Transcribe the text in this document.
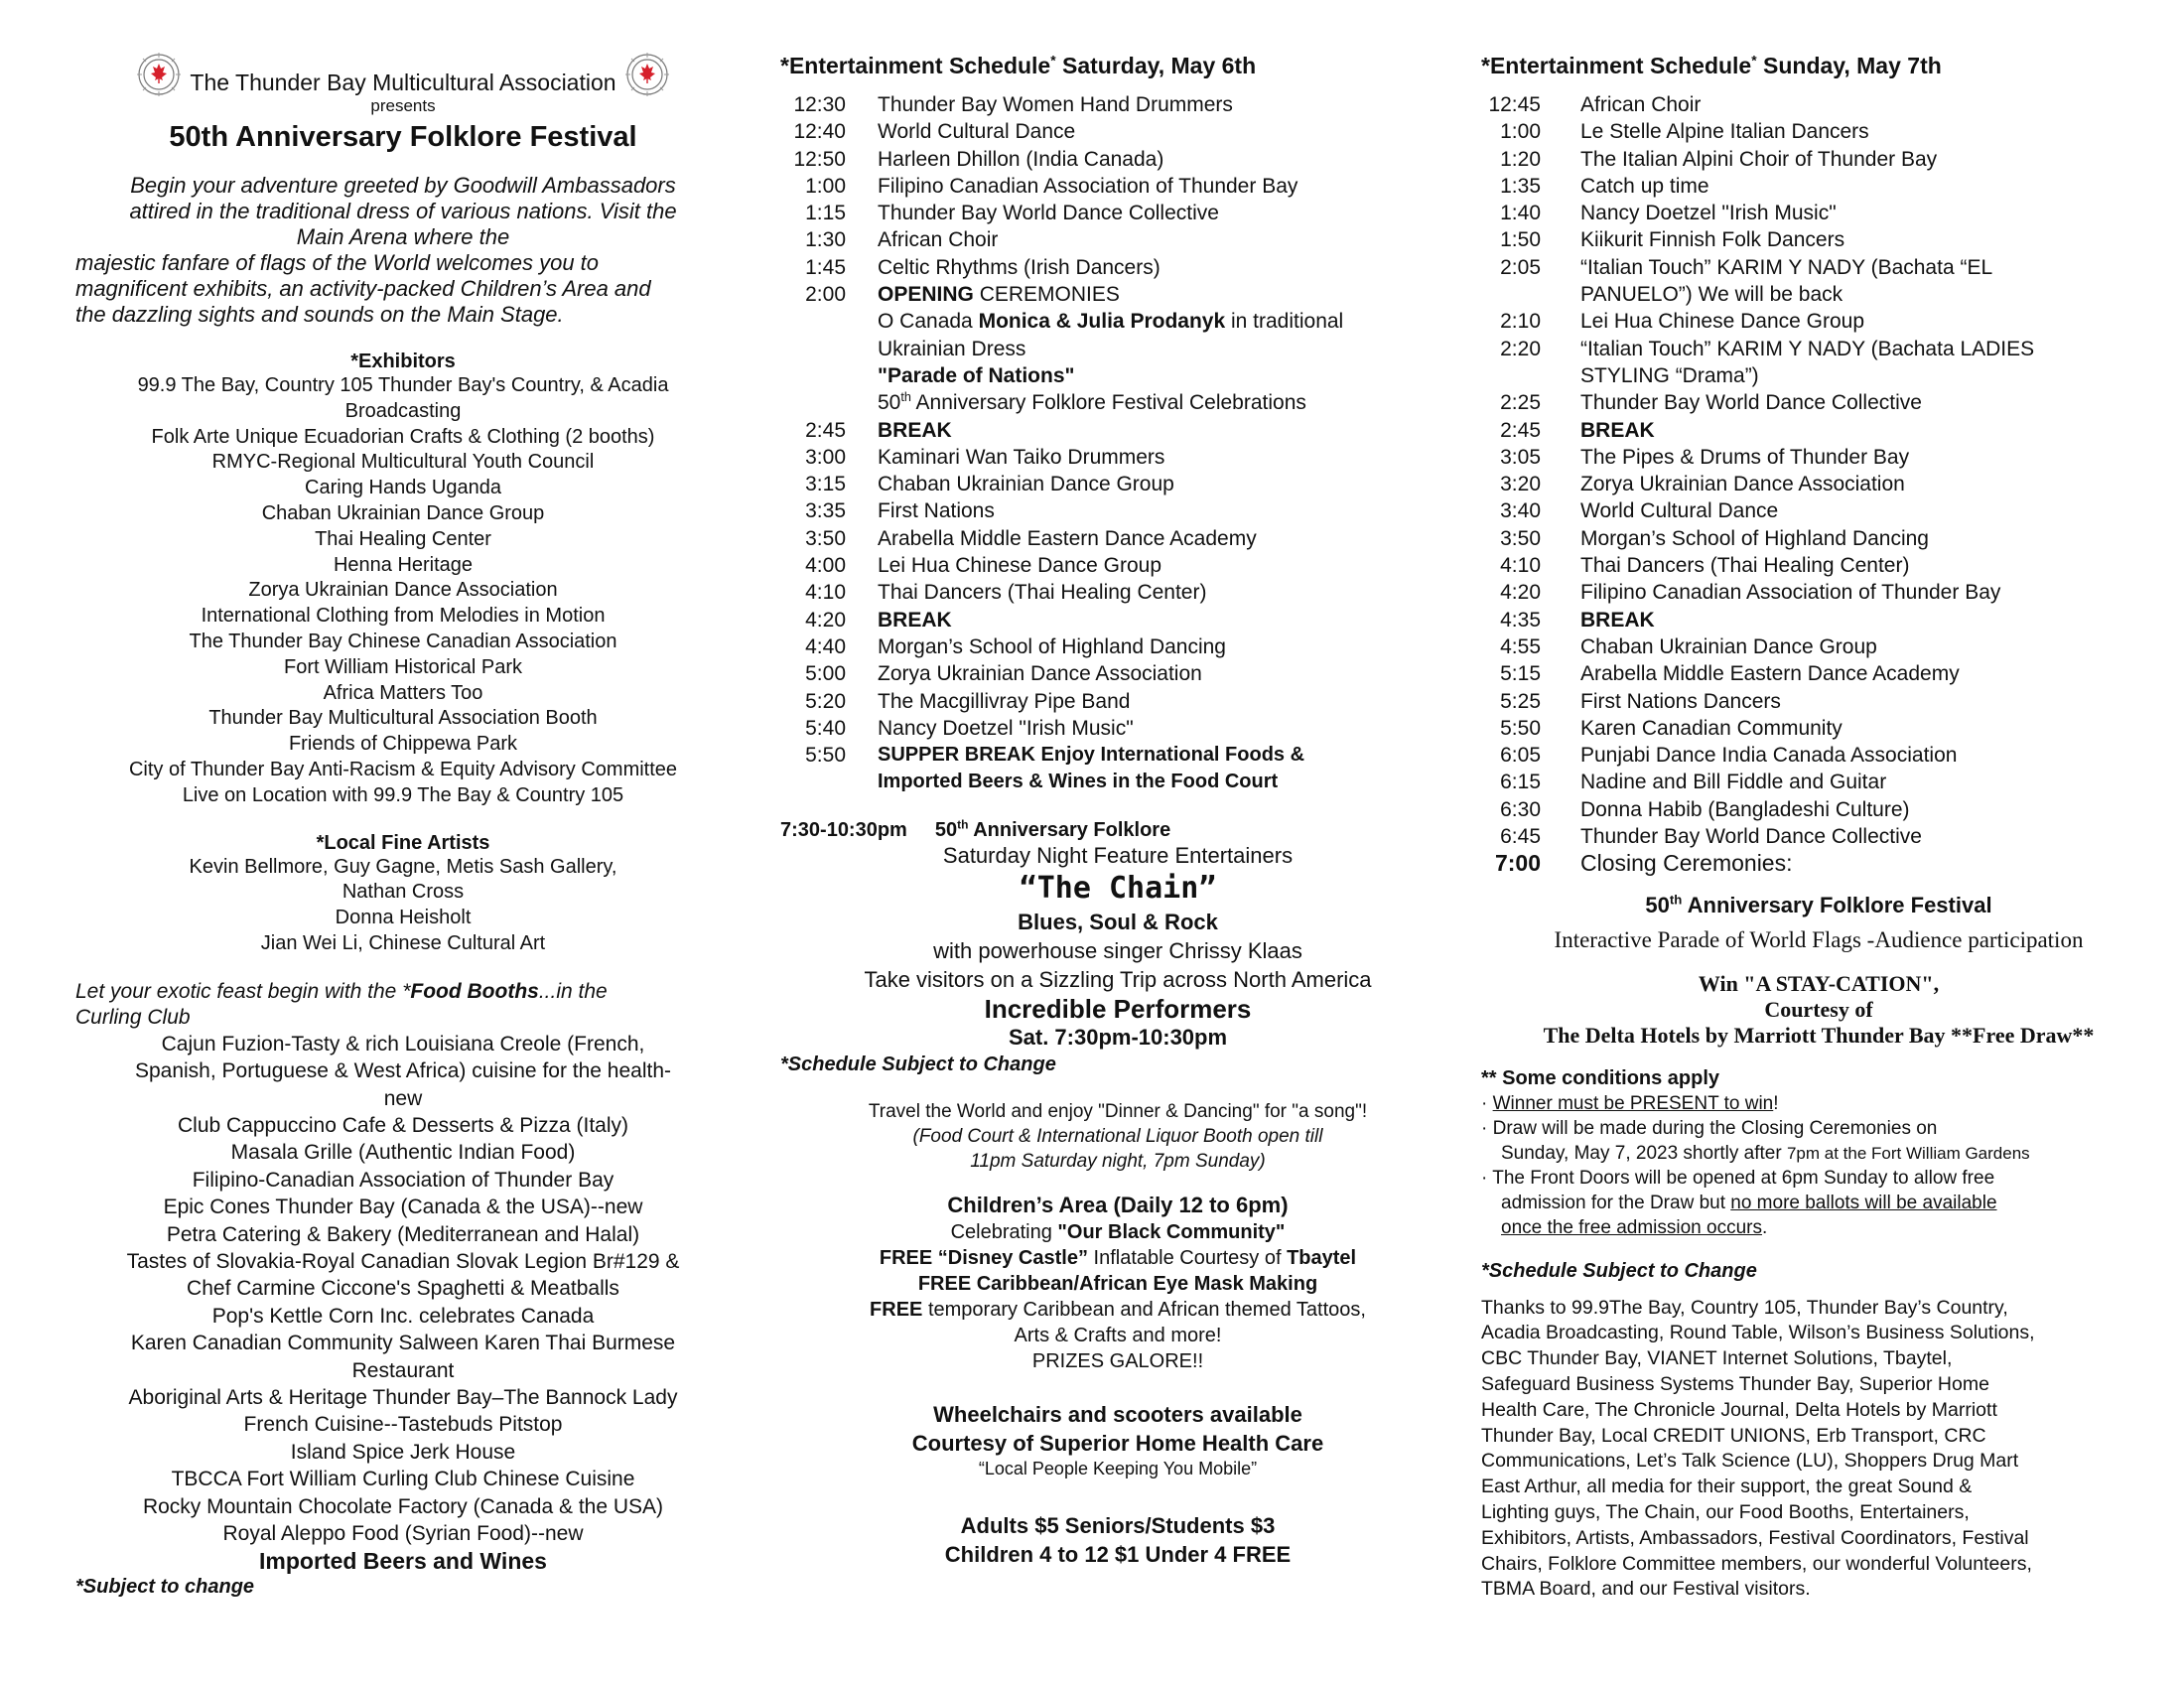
The Thunder Bay Multicultural Association
presents
50th Anniversary Folklore Festival
Begin your adventure greeted by Goodwill Ambassadors
attired in the traditional dress of various nations. Visit the
Main Arena where the
majestic fanfare of flags of the World welcomes you to
magnificent exhibits, an activity-packed Children’s Area and
the dazzling sights and sounds on the Main Stage.
*Exhibitors
99.9 The Bay, Country 105 Thunder Bay's Country, & Acadia
Broadcasting
Folk Arte Unique Ecuadorian Crafts & Clothing (2 booths)
RMYC-Regional Multicultural Youth Council
Caring Hands Uganda
Chaban Ukrainian Dance Group
Thai Healing Center
Henna Heritage
Zorya Ukrainian Dance Association
International Clothing from Melodies in Motion
The Thunder Bay Chinese Canadian Association
Fort William Historical Park
Africa Matters Too
Thunder Bay Multicultural Association Booth
Friends of Chippewa Park
City of Thunder Bay Anti-Racism & Equity Advisory Committee
Live on Location with 99.9 The Bay & Country 105
*Local Fine Artists
Kevin Bellmore, Guy Gagne, Metis Sash Gallery,
Nathan Cross
Donna Heisholt
Jian Wei Li, Chinese Cultural Art
Let your exotic feast begin with the *Food Booths...in the
Curling Club
Cajun Fuzion-Tasty & rich Louisiana Creole (French,
Spanish, Portuguese & West Africa) cuisine for the health-
new
Club Cappuccino Cafe & Desserts & Pizza (Italy)
Masala Grille (Authentic Indian Food)
Filipino-Canadian Association of Thunder Bay
Epic Cones Thunder Bay (Canada & the USA)--new
Petra Catering & Bakery (Mediterranean and Halal)
Tastes of Slovakia-Royal Canadian Slovak Legion Br#129 &
Chef Carmine Ciccone's Spaghetti & Meatballs
Pop's Kettle Corn Inc. celebrates Canada
Karen Canadian Community Salween Karen Thai Burmese
Restaurant
Aboriginal Arts & Heritage Thunder Bay–The Bannock Lady
French Cuisine--Tastebuds Pitstop
Island Spice Jerk House
TBCCA Fort William Curling Club Chinese Cuisine
Rocky Mountain Chocolate Factory (Canada & the USA)
Royal Aleppo Food (Syrian Food)--new
Imported Beers and Wines
*Subject to change
*Entertainment Schedule* Saturday, May 6th
12:30	Thunder Bay Women Hand Drummers
12:40	World Cultural Dance
12:50	Harleen Dhillon (India Canada)
1:00	Filipino Canadian Association of Thunder Bay
1:15	Thunder Bay World Dance Collective
1:30	African Choir
1:45	Celtic Rhythms (Irish Dancers)
2:00	OPENING CEREMONIES
O Canada Monica & Julia Prodanyk in traditional
Ukrainian Dress
"Parade of Nations"
50th Anniversary Folklore Festival Celebrations
2:45	BREAK
3:00	Kaminari Wan Taiko Drummers
3:15	Chaban Ukrainian Dance Group
3:35	First Nations
3:50	Arabella Middle Eastern Dance Academy
4:00	Lei Hua Chinese Dance Group
4:10	Thai Dancers (Thai Healing Center)
4:20	BREAK
4:40	Morgan’s School of Highland Dancing
5:00	Zorya Ukrainian Dance Association
5:20	The Macgillivray Pipe Band
5:40	Nancy Doetzel "Irish Music"
5:50	SUPPER BREAK Enjoy International Foods &
Imported Beers & Wines in the Food Court
7:30-10:30pm 50th Anniversary Folklore
Saturday Night Feature Entertainers
“The Chain”
Blues, Soul & Rock
with powerhouse singer Chrissy Klaas
Take visitors on a Sizzling Trip across North America
Incredible Performers
Sat. 7:30pm-10:30pm
*Schedule Subject to Change
Travel the World and enjoy "Dinner & Dancing" for "a song"!
(Food Court & International Liquor Booth open till
11pm Saturday night, 7pm Sunday)
Children’s Area (Daily 12 to 6pm)
Celebrating "Our Black Community"
FREE “Disney Castle” Inflatable Courtesy of Tbaytel
FREE Caribbean/African Eye Mask Making
FREE temporary Caribbean and African themed Tattoos,
Arts & Crafts and more!
PRIZES GALORE!!
Wheelchairs and scooters available
Courtesy of Superior Home Health Care
“Local People Keeping You Mobile”
Adults $5 Seniors/Students $3
Children 4 to 12 $1 Under 4 FREE
*Entertainment Schedule* Sunday, May 7th
12:45	African Choir
1:00	Le Stelle Alpine Italian Dancers
1:20	The Italian Alpini Choir of Thunder Bay
1:35	Catch up time
1:40	Nancy Doetzel "Irish Music"
1:50	Kiikurit Finnish Folk Dancers
2:05	“Italian Touch” KARIM Y NADY (Bachata “EL
PANUELO”) We will be back
2:10	Lei Hua Chinese Dance Group
2:20	“Italian Touch” KARIM Y NADY (Bachata LADIES
STYLING “Drama”)
2:25	Thunder Bay World Dance Collective
2:45	BREAK
3:05	The Pipes & Drums of Thunder Bay
3:20	Zorya Ukrainian Dance Association
3:40	World Cultural Dance
3:50	Morgan’s School of Highland Dancing
4:10	Thai Dancers (Thai Healing Center)
4:20	Filipino Canadian Association of Thunder Bay
4:35	BREAK
4:55	Chaban Ukrainian Dance Group
5:15	Arabella Middle Eastern Dance Academy
5:25	First Nations Dancers
5:50	Karen Canadian Community
6:05	Punjabi Dance India Canada Association
6:15	Nadine and Bill Fiddle and Guitar
6:30	Donna Habib (Bangladeshi Culture)
6:45	Thunder Bay World Dance Collective
7:00	Closing Ceremonies:
50th Anniversary Folklore Festival
Interactive Parade of World Flags -Audience participation
Win "A STAY-CATION",
Courtesy of
The Delta Hotels by Marriott Thunder Bay **Free Draw**
** Some conditions apply
· Winner must be PRESENT to win!
· Draw will be made during the Closing Ceremonies on
Sunday, May 7, 2023 shortly after 7pm at the Fort William Gardens
· The Front Doors will be opened at 6pm Sunday to allow free
admission for the Draw but no more ballots will be available
once the free admission occurs.
*Schedule Subject to Change
Thanks to 99.9The Bay, Country 105, Thunder Bay’s Country,
Acadia Broadcasting, Round Table, Wilson’s Business Solutions,
CBC Thunder Bay, VIANET Internet Solutions, Tbaytel,
Safeguard Business Systems Thunder Bay, Superior Home
Health Care, The Chronicle Journal, Delta Hotels by Marriott
Thunder Bay, Local CREDIT UNIONS, Erb Transport, CRC
Communications, Let’s Talk Science (LU), Shoppers Drug Mart
East Arthur, all media for their support, the great Sound &
Lighting guys, The Chain, our Food Booths, Entertainers,
Exhibitors, Artists, Ambassadors, Festival Coordinators, Festival
Chairs, Folklore Committee members, our wonderful Volunteers,
TBMA Board, and our Festival visitors.
